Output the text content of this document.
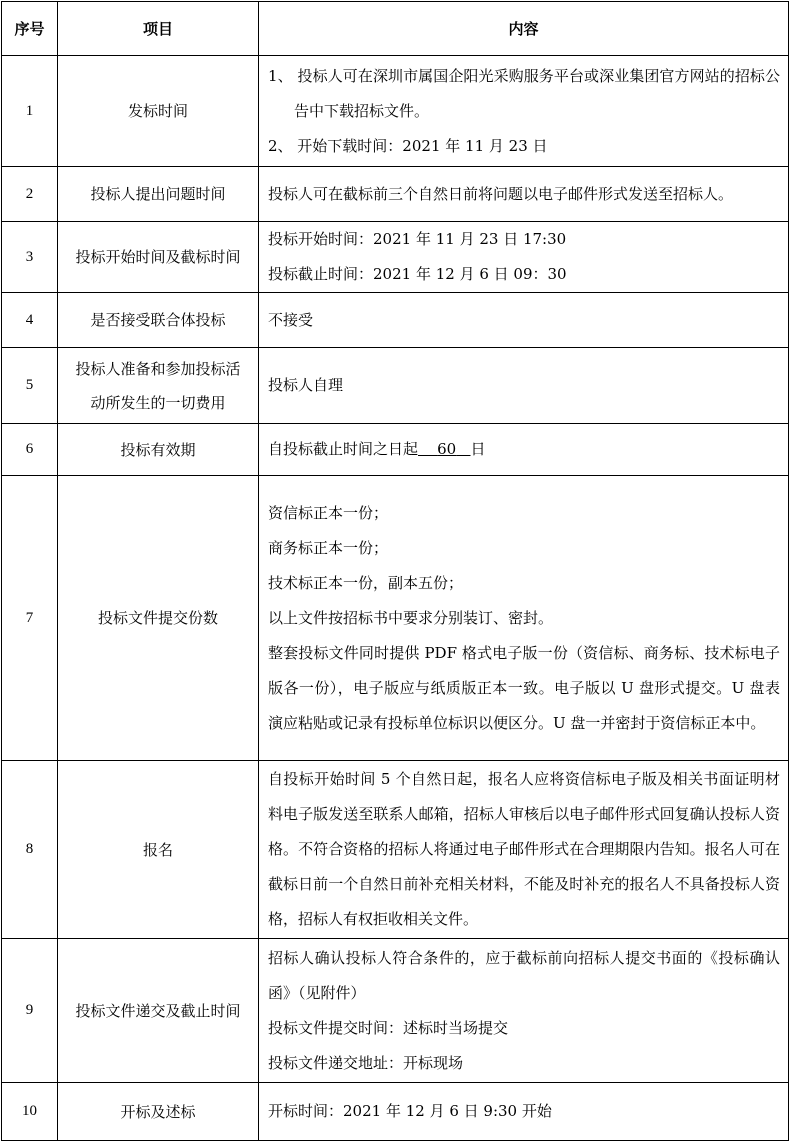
序号	项目	内容
1	发标时间	1、 投标人可在深圳市属国企阳光采购服务平台或深业集团官方网站的招标公告中下载招标文件。
2、 开始下载时间：2021 年 11 月 23 日

2	投标人提出问题时间	投标人可在截标前三个自然日前将问题以电子邮件形式发送至招标人。

3	投标开始时间及截标时间	投标开始时间：2021 年 11 月 23 日 17:30
投标截止时间：2021 年 12 月 6 日 09：30

4	是否接受联合体投标	不接受

5	投标人准备和参加投标活动所发生的一切费用	投标人自理

6	投标有效期	自投标截止时间之日起 60 日

7	投标文件提交份数	资信标正本一份；
商务标正本一份；
技术标正本一份，副本五份；
以上文件按招标书中要求分别装订、密封。
整套投标文件同时提供 PDF 格式电子版一份（资信标、商务标、技术标电子版各一份），电子版应与纸质版正本一致。电子版以 U 盘形式提交。U 盘表演应粘贴或记录有投标单位标识以便区分。U 盘一并密封于资信标正本中。

8	报名	自投标开始时间 5 个自然日起，报名人应将资信标电子版及相关书面证明材料电子版发送至联系人邮箱，招标人审核后以电子邮件形式回复确认投标人资格。不符合资格的招标人将通过电子邮件形式在合理期限内告知。报名人可在截标日前一个自然日前补充相关材料，不能及时补充的报名人不具备投标人资格，招标人有权拒收相关文件。

9	投标文件递交及截止时间	招标人确认投标人符合条件的，应于截标前向招标人提交书面的《投标确认函》（见附件）
投标文件提交时间：述标时当场提交
投标文件递交地址：开标现场

10	开标及述标	开标时间：2021 年 12 月 6 日 9:30 开始
